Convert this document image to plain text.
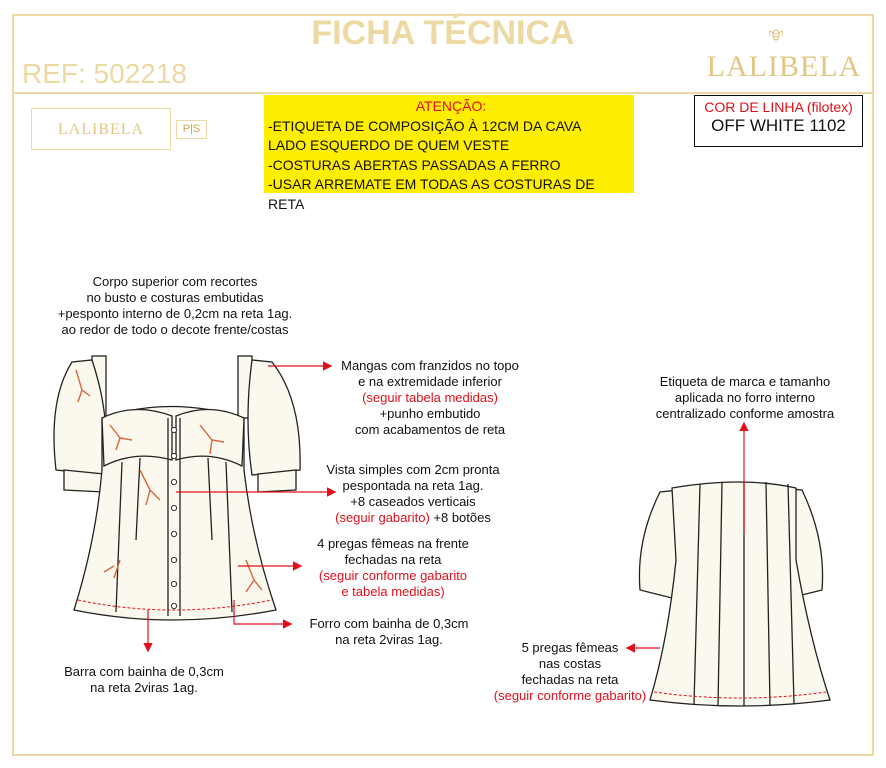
FICHA TÉCNICA
REF: 502218	LALIBELA
LALIBELA	P|S
ATENÇÃO:
-ETIQUETA DE COMPOSIÇÃO À 12CM DA CAVA
LADO ESQUERDO DE QUEM VESTE
-COSTURAS ABERTAS PASSADAS A FERRO
-USAR ARREMATE EM TODAS AS COSTURAS DE RETA
COR DE LINHA (filotex)
OFF WHITE 1102
Corpo superior com recortes
no busto e costuras embutidas
+pesponto interno de 0,2cm na reta 1ag.
ao redor de todo o decote frente/costas
Mangas com franzidos no topo
e na extremidade inferior
(seguir tabela medidas)
+punho embutido
com acabamentos de reta
Vista simples com 2cm pronta
pespontada na reta 1ag.
+8 caseados verticais
(seguir gabarito) +8 botões
4 pregas fêmeas na frente
fechadas na reta
(seguir conforme gabarito
e tabela medidas)
Forro com bainha de 0,3cm
na reta 2viras 1ag.
Barra com bainha de 0,3cm
na reta 2viras 1ag.
Etiqueta de marca e tamanho
aplicada no forro interno
centralizado conforme amostra
5 pregas fêmeas
nas costas
fechadas na reta
(seguir conforme gabarito)
